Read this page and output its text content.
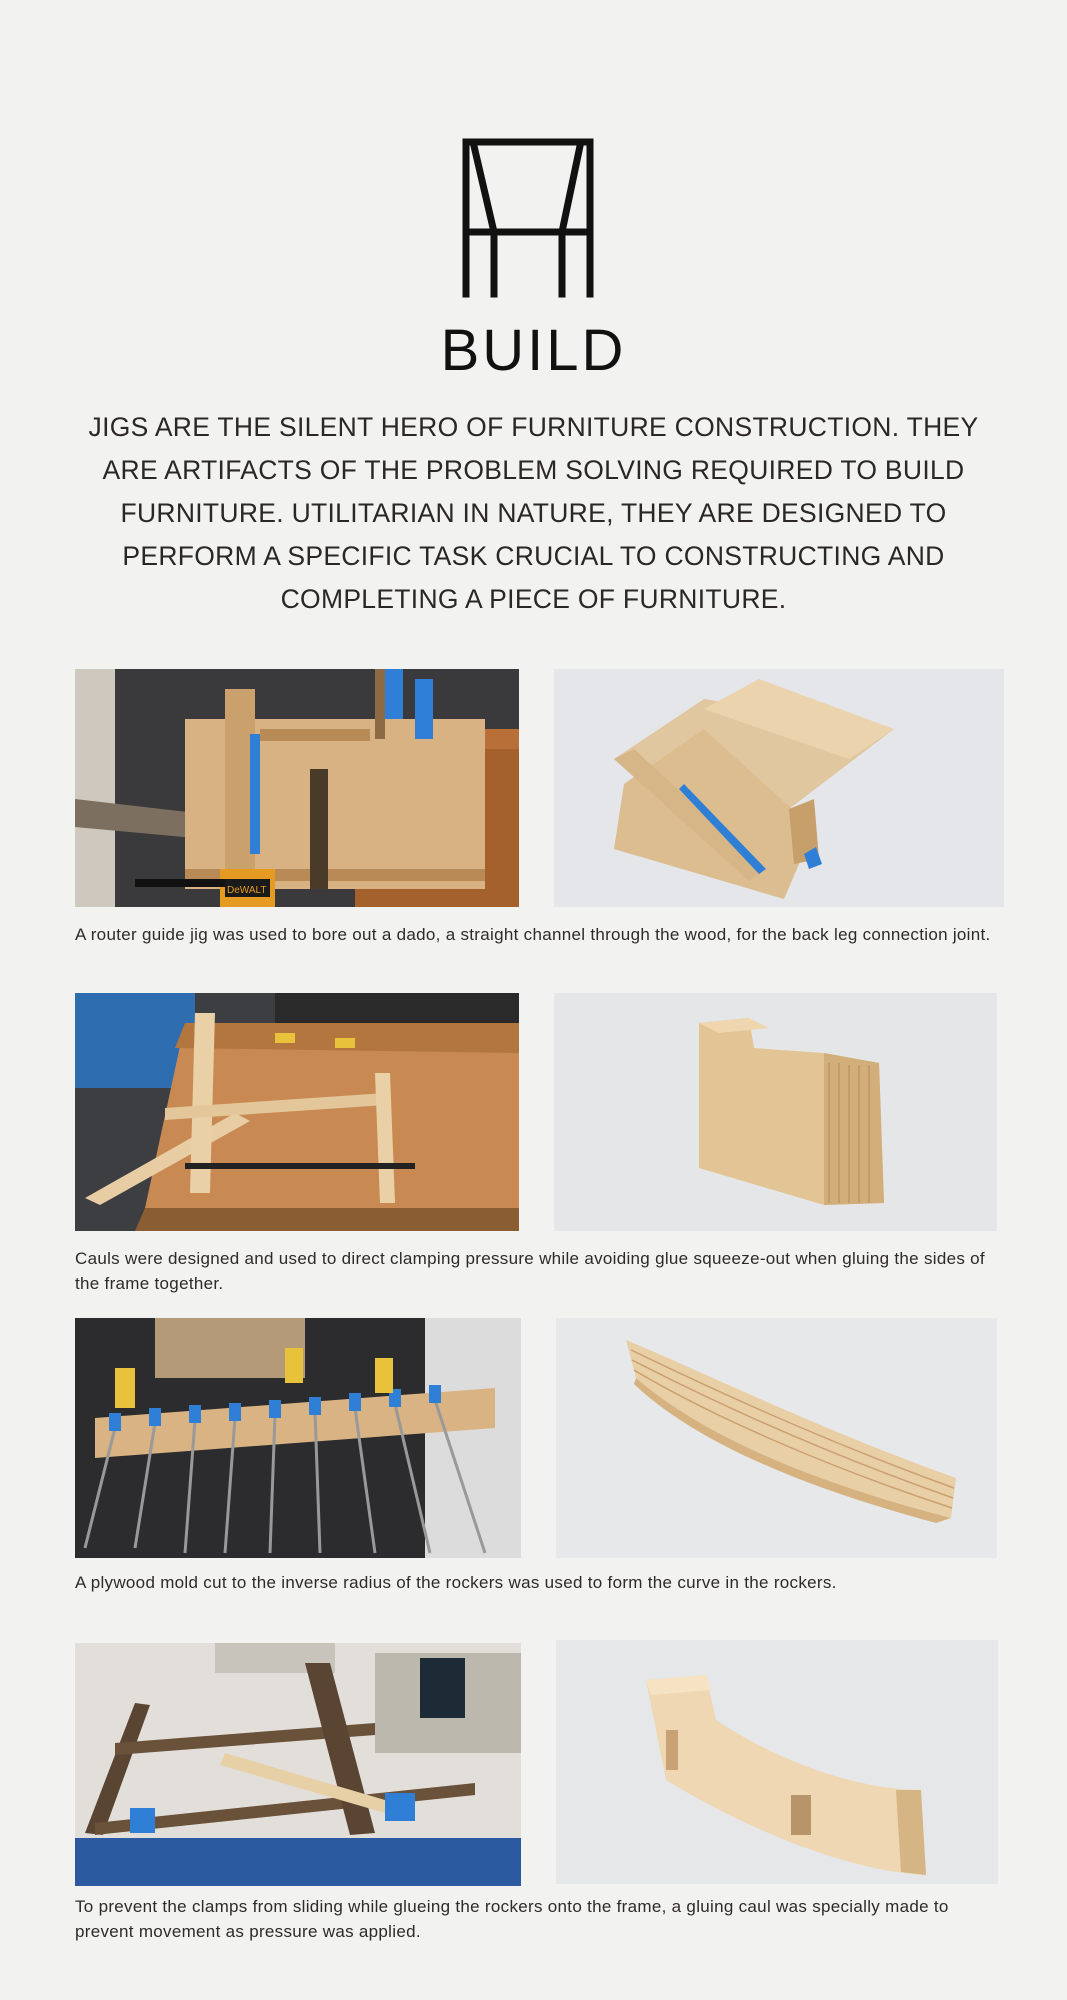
BUILD
JIGS ARE THE SILENT HERO OF FURNITURE CONSTRUCTION. THEY ARE ARTIFACTS OF THE PROBLEM SOLVING REQUIRED TO BUILD FURNITURE. UTILITARIAN IN NATURE, THEY ARE DESIGNED TO PERFORM A SPECIFIC TASK CRUCIAL TO CONSTRUCTING AND COMPLETING A PIECE OF FURNITURE.
DeWALT
A router guide jig was used to bore out a dado, a straight channel through the wood, for the back leg connection joint.
Cauls were designed and used to direct clamping pressure while avoiding glue squeeze-out when gluing the sides of the frame together.
A plywood mold cut to the inverse radius of the rockers was used to form the curve in the rockers.
To prevent the clamps from sliding while glueing the rockers onto the frame, a gluing caul was specially made to prevent movement as pressure was applied.
